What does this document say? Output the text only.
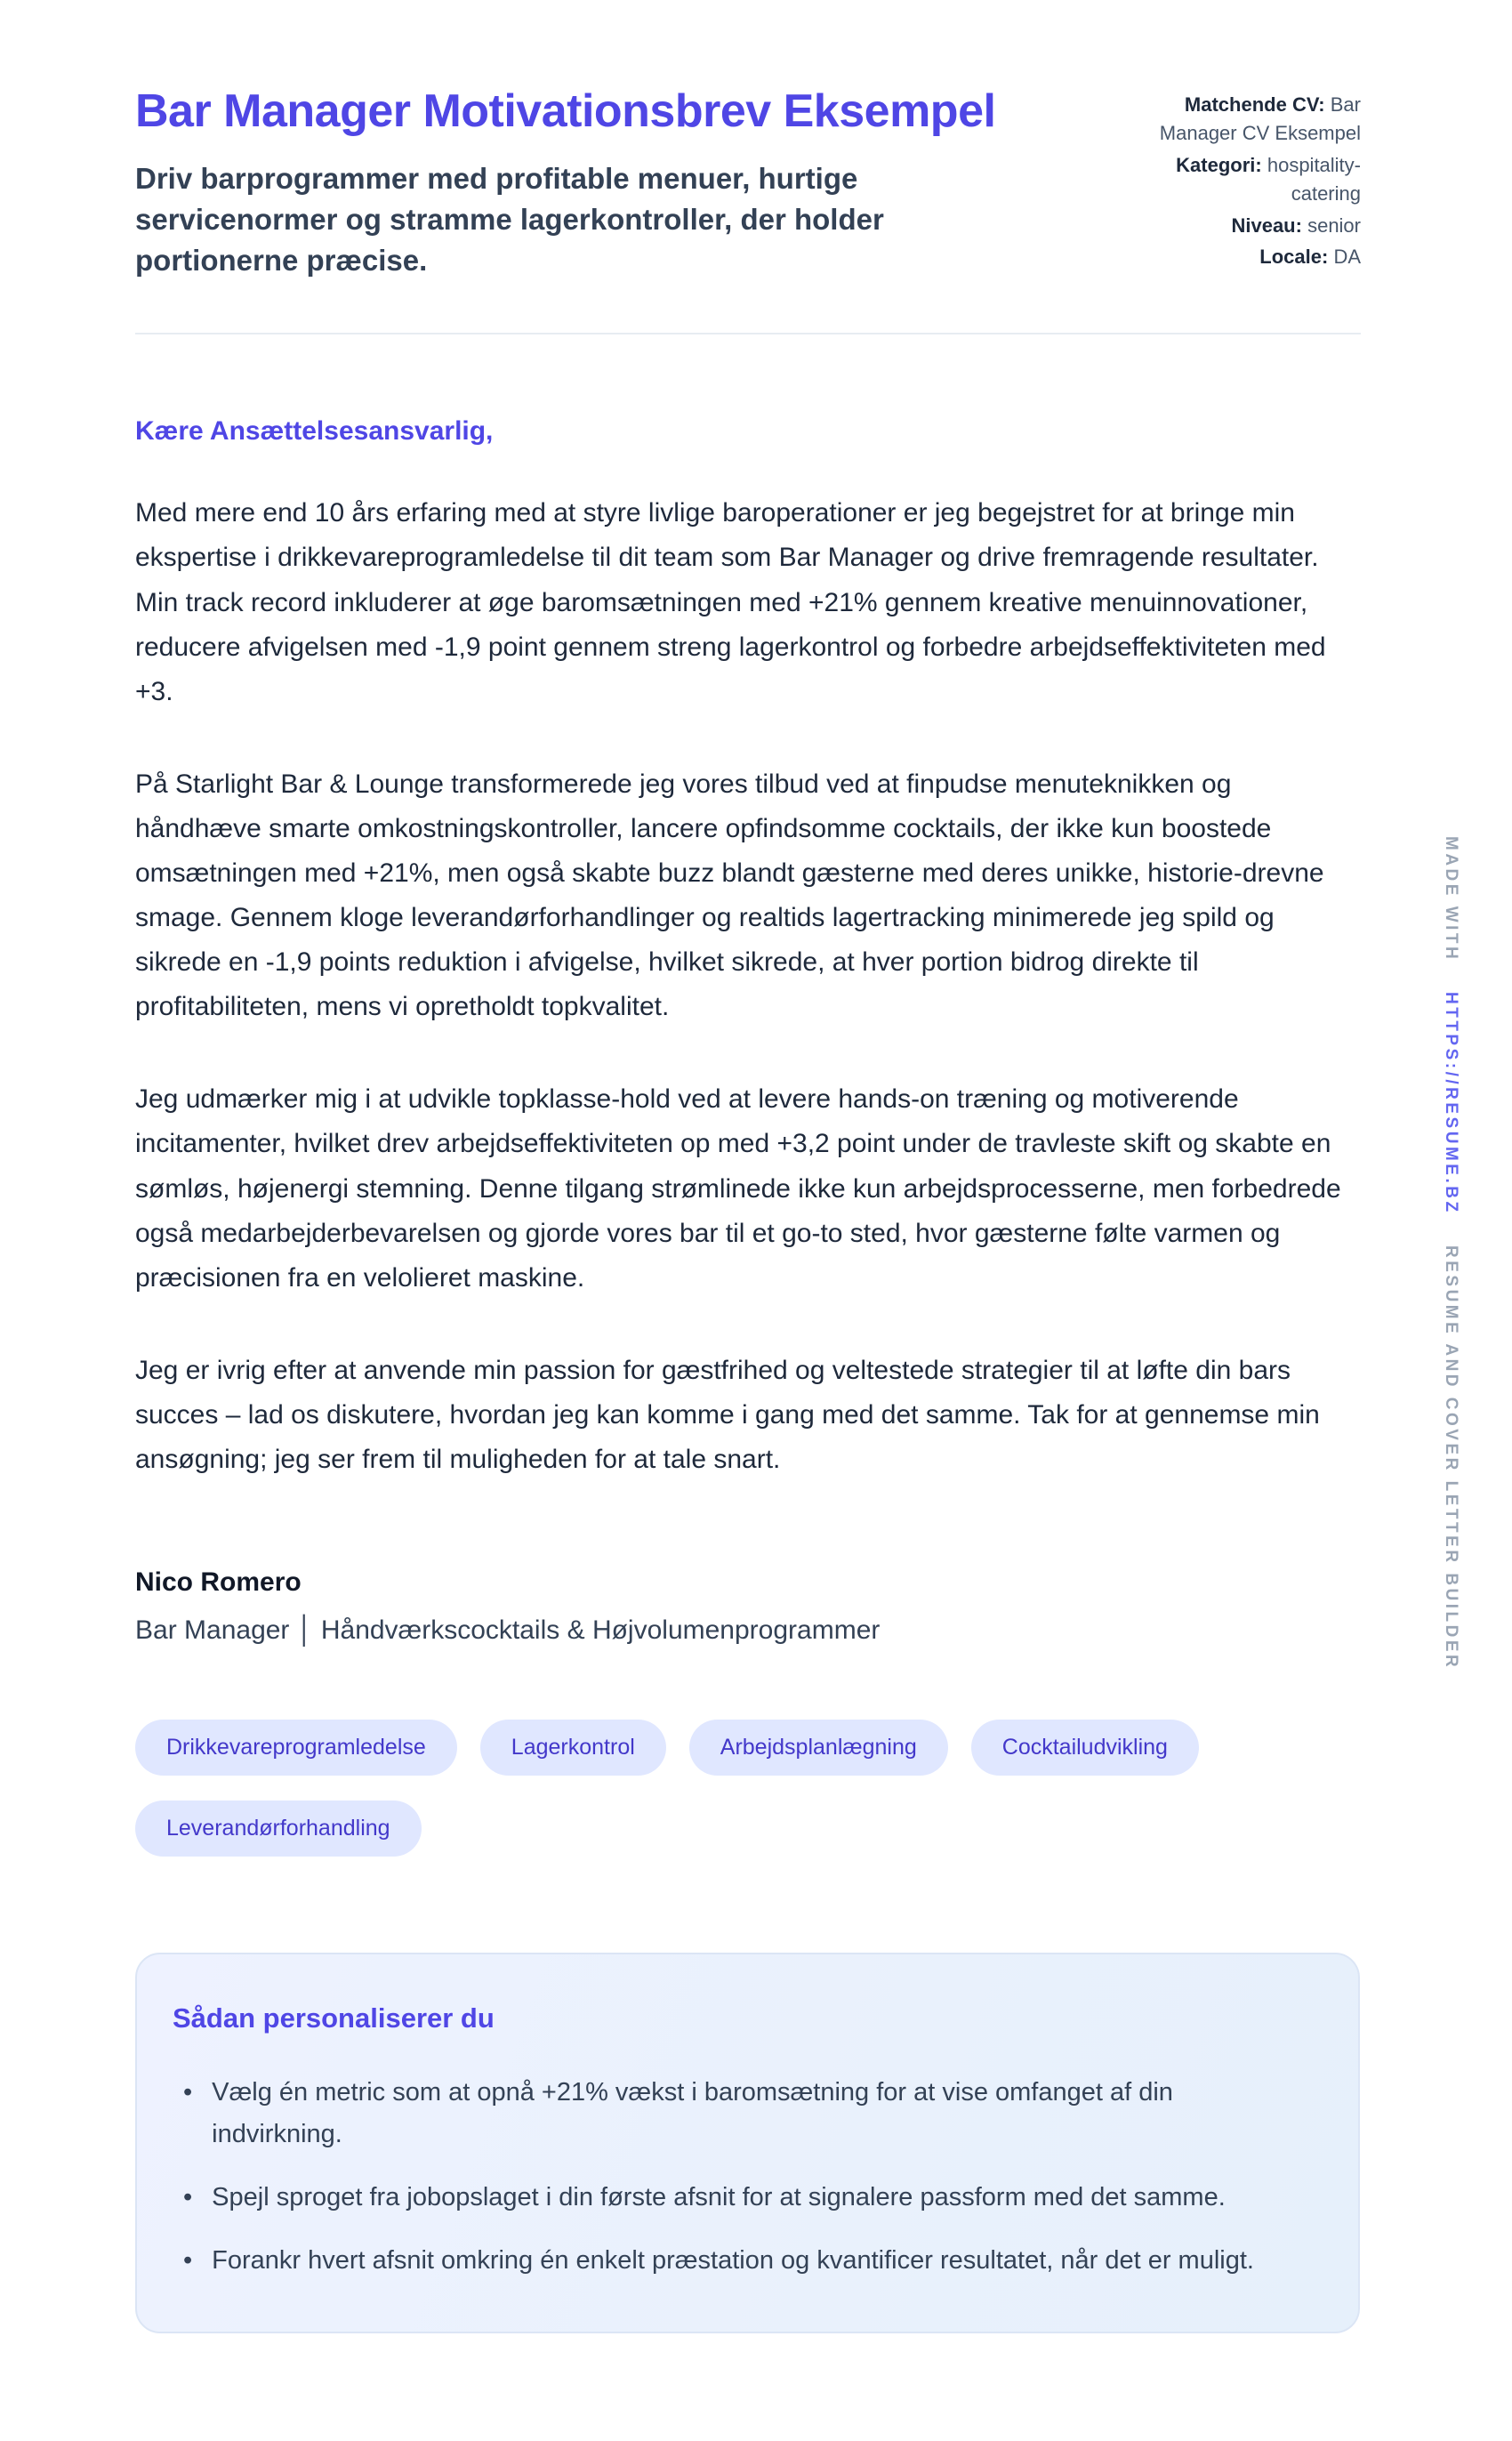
Bar Manager Motivationsbrev Eksempel

Driv barprogrammer med profitable menuer, hurtige servicenormer og stramme lagerkontroller, der holder portionerne præcise.

Matchende CV: Bar Manager CV Eksempel
Kategori: hospitality-catering
Niveau: senior
Locale: DA

Kære Ansættelsesansvarlig,

Med mere end 10 års erfaring med at styre livlige baroperationer er jeg begejstret for at bringe min ekspertise i drikkevareprogramledelse til dit team som Bar Manager og drive fremragende resultater. Min track record inkluderer at øge baromsætningen med +21% gennem kreative menuinnovationer, reducere afvigelsen med -1,9 point gennem streng lagerkontrol og forbedre arbejdseffektiviteten med +3.

På Starlight Bar & Lounge transformerede jeg vores tilbud ved at finpudse menuteknikken og håndhæve smarte omkostningskontroller, lancere opfindsomme cocktails, der ikke kun boostede omsætningen med +21%, men også skabte buzz blandt gæsterne med deres unikke, historie-drevne smage. Gennem kloge leverandørforhandlinger og realtids lagertracking minimerede jeg spild og sikrede en -1,9 points reduktion i afvigelse, hvilket sikrede, at hver portion bidrog direkte til profitabiliteten, mens vi opretholdt topkvalitet.

Jeg udmærker mig i at udvikle topklasse-hold ved at levere hands-on træning og motiverende incitamenter, hvilket drev arbejdseffektiviteten op med +3,2 point under de travleste skift og skabte en sømløs, højenergi stemning. Denne tilgang strømlinede ikke kun arbejdsprocesserne, men forbedrede også medarbejderbevarelsen og gjorde vores bar til et go-to sted, hvor gæsterne følte varmen og præcisionen fra en velolieret maskine.

Jeg er ivrig efter at anvende min passion for gæstfrihed og veltestede strategier til at løfte din bars succes – lad os diskutere, hvordan jeg kan komme i gang med det samme. Tak for at gennemse min ansøgning; jeg ser frem til muligheden for at tale snart.

Nico Romero

Bar Manager │ Håndværkscocktails & Højvolumenprogrammer

Drikkevareprogramledelse	Lagerkontrol	Arbejdsplanlægning	Cocktailudvikling
Leverandørforhandling
Sådan personaliserer du
• Vælg én metric som at opnå +21% vækst i baromsætning for at vise omfanget af din indvirkning.
• Spejl sproget fra jobopslaget i din første afsnit for at signalere passform med det samme.
• Forankr hvert afsnit omkring én enkelt præstation og kvantificer resultatet, når det er muligt.
MADE WITH
HTTPS://RESUME.BZ
RESUME AND COVER LETTER BUILDER
